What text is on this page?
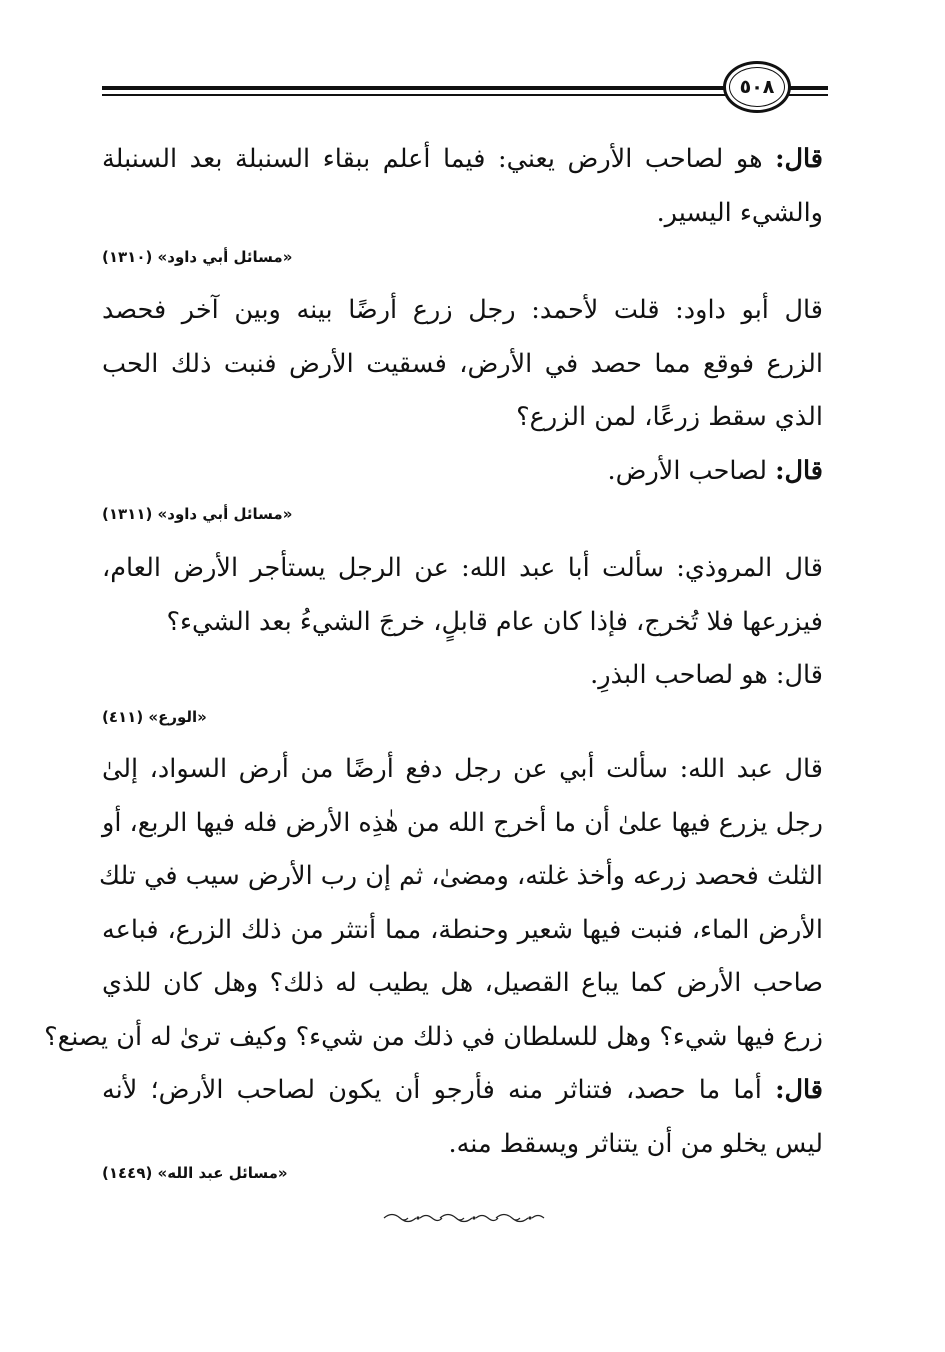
٥٠٨
قال: هو لصاحب الأرض يعني: فيما أعلم ببقاء السنبلة بعد السنبلة
والشيء اليسير.
«مسائل أبي داود» (١٣١٠)
قال أبو داود: قلت لأحمد: رجل زرع أرضًا بينه وبين آخر فحصد
الزرع فوقع مما حصد في الأرض، فسقيت الأرض فنبت ذلك الحب
الذي سقط زرعًا، لمن الزرع؟
قال: لصاحب الأرض.
«مسائل أبي داود» (١٣١١)
قال المروذي: سألت أبا عبد الله: عن الرجل يستأجر الأرض العام،
فيزرعها فلا تُخرج، فإذا كان عام قابلٍ، خرجَ الشيءُ بعد الشيء؟
قال: هو لصاحب البذرِ.
«الورع» (٤١١)
قال عبد الله: سألت أبي عن رجل دفع أرضًا من أرض السواد، إلىٰ
رجل يزرع فيها علىٰ أن ما أخرج الله من هٰذِه الأرض فله فيها الربع، أو
الثلث فحصد زرعه وأخذ غلته، ومضىٰ، ثم إن رب الأرض سيب في تلك
الأرض الماء، فنبت فيها شعير وحنطة، مما أنتثر من ذلك الزرع، فباعه
صاحب الأرض كما يباع القصيل، هل يطيب له ذلك؟ وهل كان للذي
زرع فيها شيء؟ وهل للسلطان في ذلك من شيء؟ وكيف ترىٰ له أن يصنع؟
قال: أما ما حصد، فتناثر منه فأرجو أن يكون لصاحب الأرض؛ لأنه
ليس يخلو من أن يتناثر ويسقط منه.
«مسائل عبد الله» (١٤٤٩)
